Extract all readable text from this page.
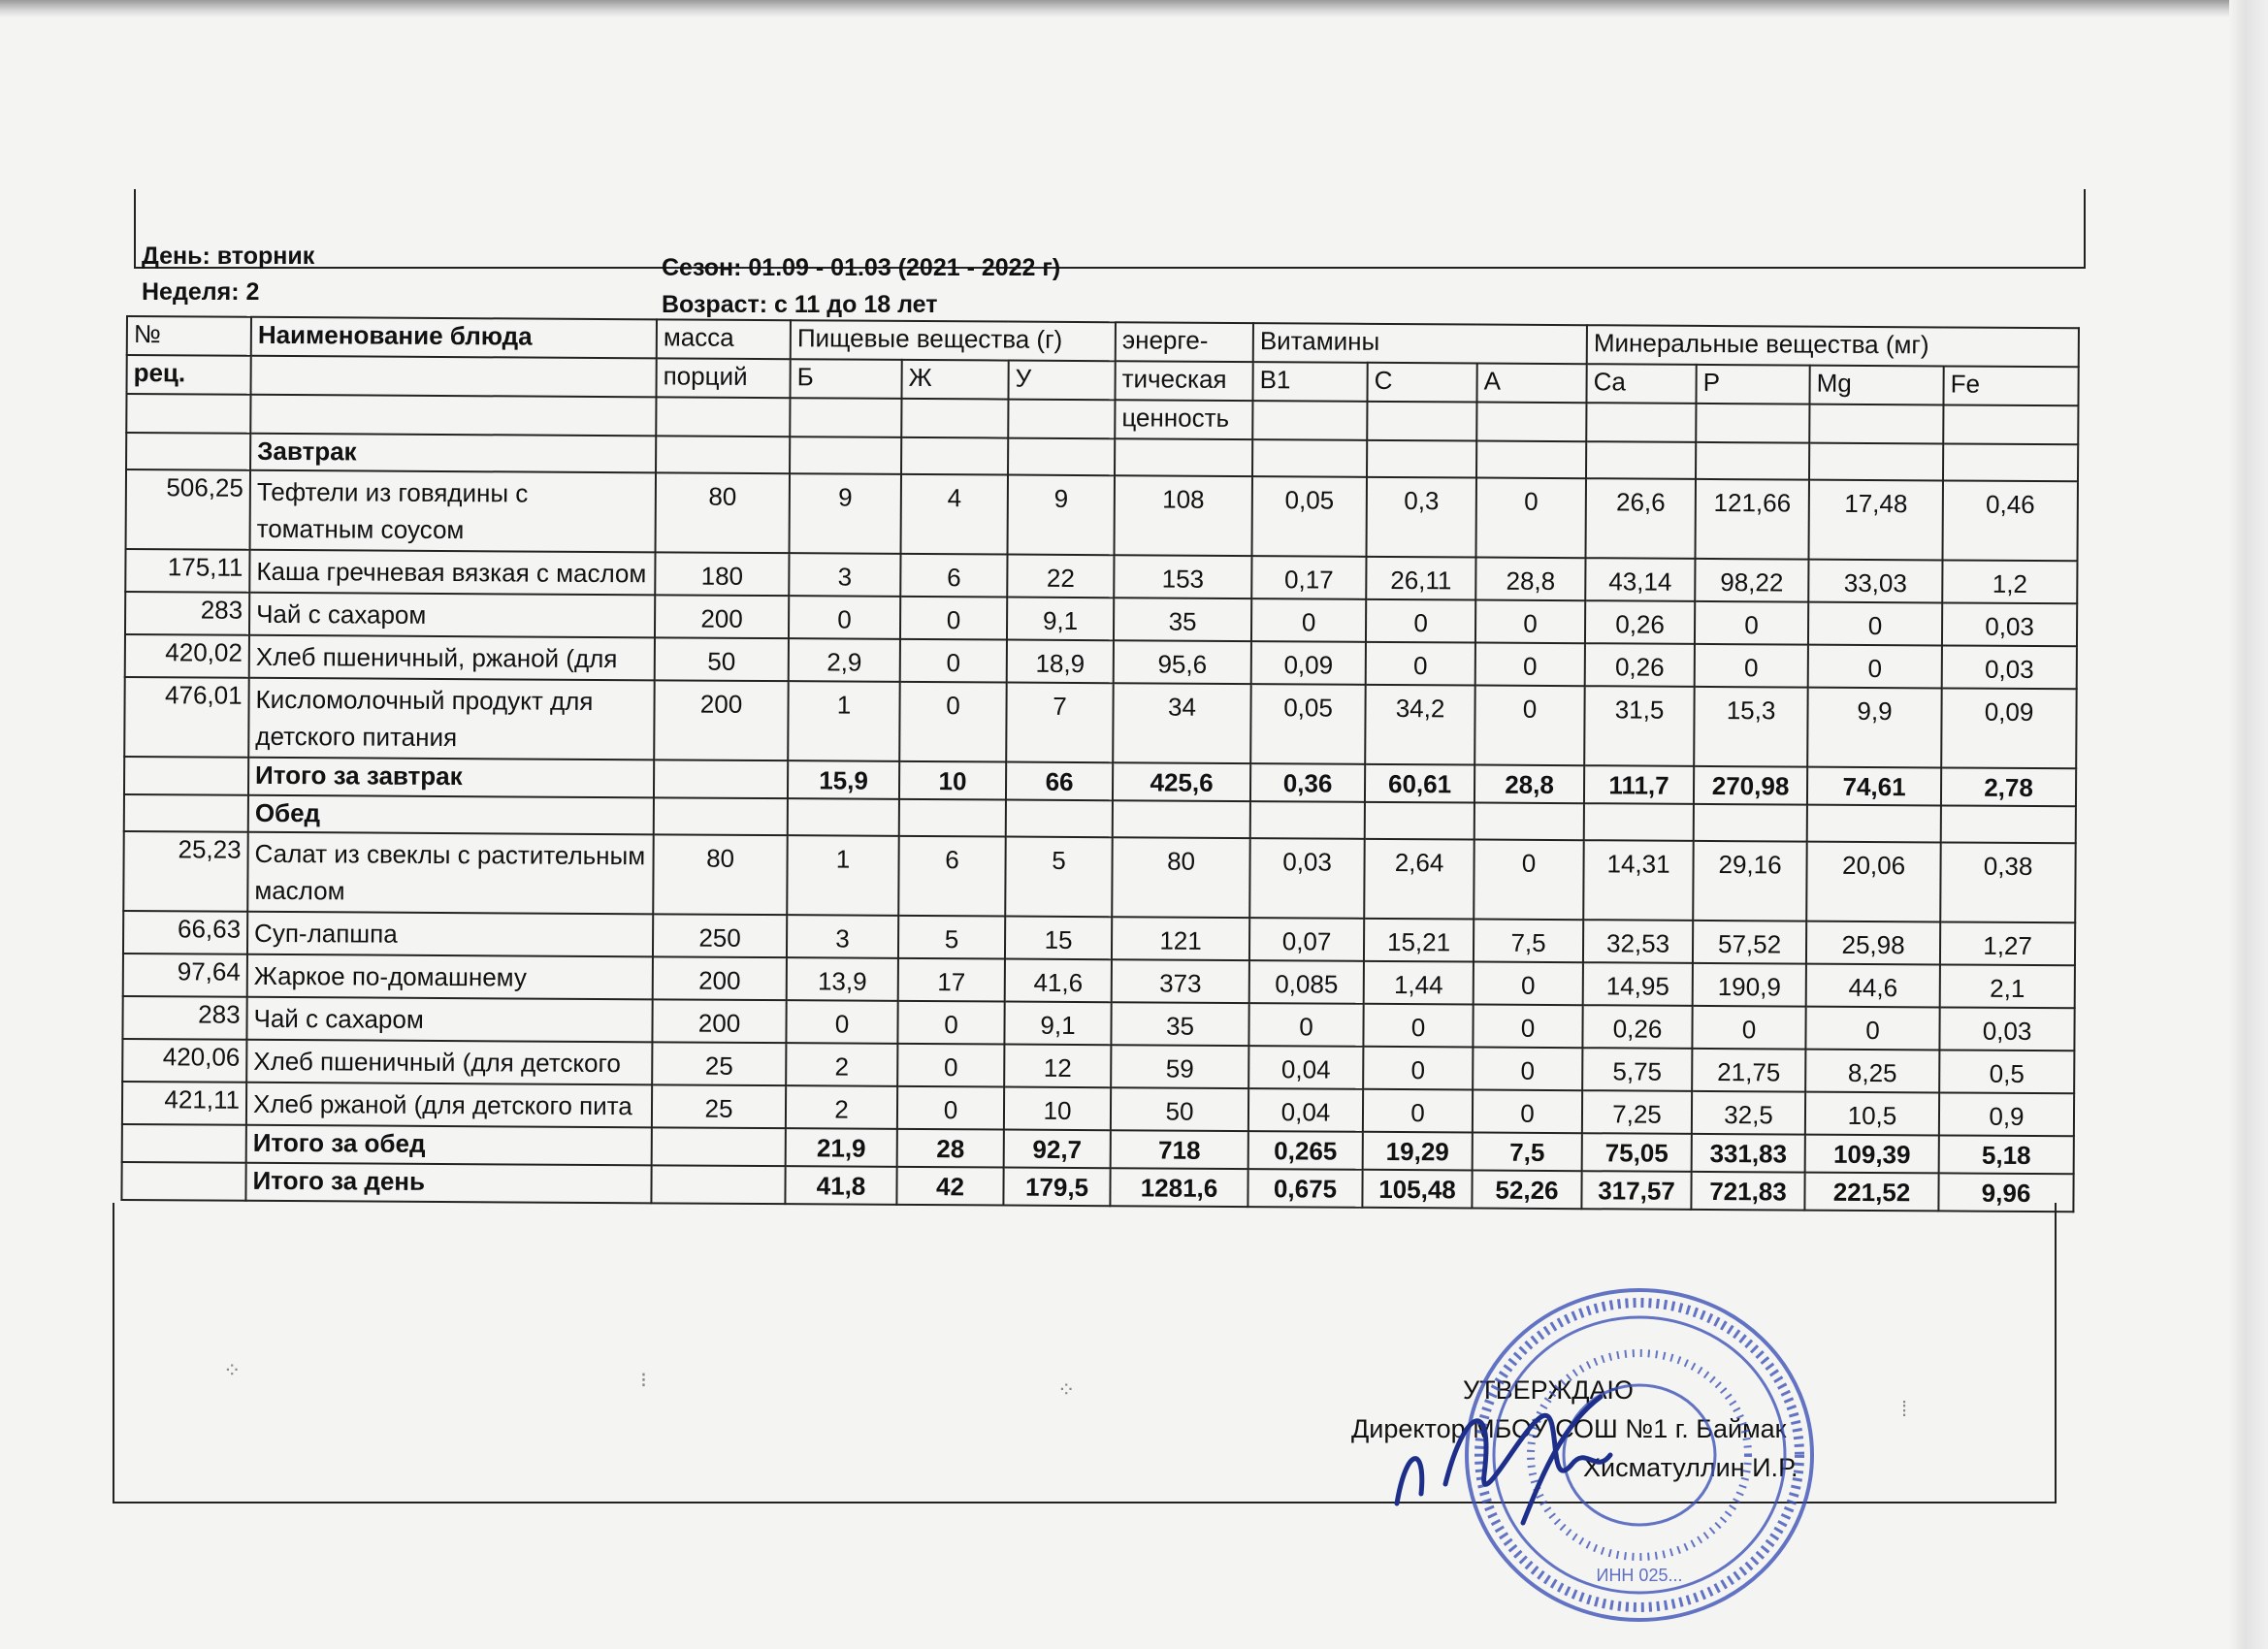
День: вторник
Неделя: 2
Сезон: 01.09 - 01.03 (2021 - 2022 г)
Возраст: с 11 до 18 лет
№	Наименование блюда	масса	Пищевые вещества (г)			энерге-	Витамины			Минеральные вещества (мг)			
рец.		порций	Б	Ж	У	тическая	В1	С	А	Ca	P	Mg	Fe
						ценность							
	Завтрак												
506,25	Тефтели из говядины с томатным соусом	80	9	4	9	108	0,05	0,3	0	26,6	121,66	17,48	0,46
175,11	Каша гречневая вязкая с маслом	180	3	6	22	153	0,17	26,11	28,8	43,14	98,22	33,03	1,2
283	Чай с сахаром	200	0	0	9,1	35	0	0	0	0,26	0	0	0,03
420,02	Хлеб пшеничный, ржаной (для	50	2,9	0	18,9	95,6	0,09	0	0	0,26	0	0	0,03
476,01	Кисломолочный продукт для детского питания	200	1	0	7	34	0,05	34,2	0	31,5	15,3	9,9	0,09
	Итого за завтрак		15,9	10	66	425,6	0,36	60,61	28,8	111,7	270,98	74,61	2,78
	Обед												
25,23	Салат из свеклы с растительным маслом	80	1	6	5	80	0,03	2,64	0	14,31	29,16	20,06	0,38
66,63	Суп-лапшпа	250	3	5	15	121	0,07	15,21	7,5	32,53	57,52	25,98	1,27
97,64	Жаркое по-домашнему	200	13,9	17	41,6	373	0,085	1,44	0	14,95	190,9	44,6	2,1
283	Чай с сахаром	200	0	0	9,1	35	0	0	0	0,26	0	0	0,03
420,06	Хлеб пшеничный (для детского	25	2	0	12	59	0,04	0	0	5,75	21,75	8,25	0,5
421,11	Хлеб ржаной (для детского пита	25	2	0	10	50	0,04	0	0	7,25	32,5	10,5	0,9
	Итого за обед		21,9	28	92,7	718	0,265	19,29	7,5	75,05	331,83	109,39	5,18
	Итого за день		41,8	42	179,5	1281,6	0,675	105,48	52,26	317,57	721,83	221,52	9,96
⁘	⁝	⁘
⁞
УТВЕРЖДАЮ
Директор МБОУ СОШ №1 г. Баймак
Хисматуллин И.Р.
ИНН 025...
